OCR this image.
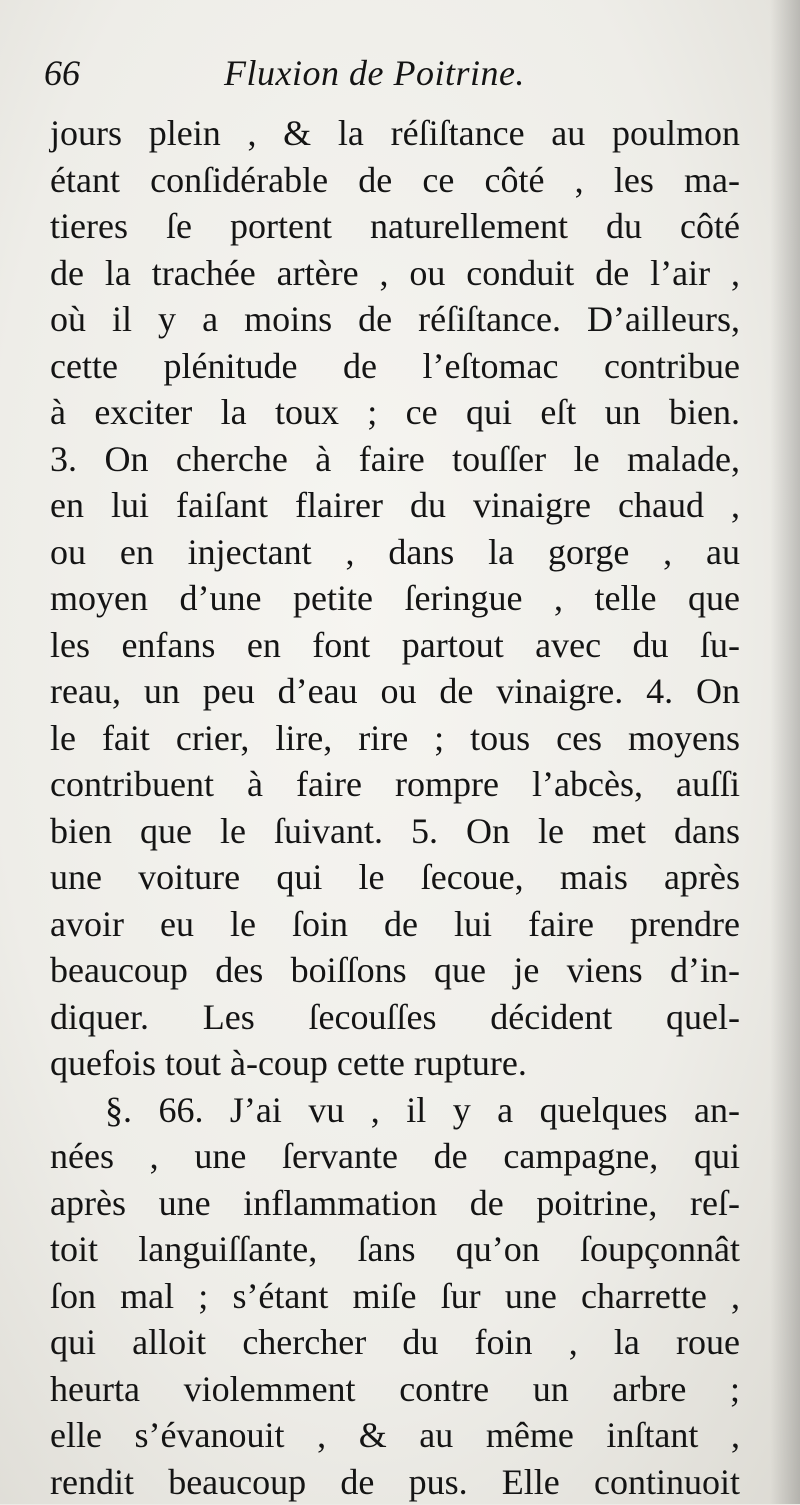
66	Fluxion de Poitrine.
jours plein , & la réſiſtance au poulmon
étant conſidérable de ce côté , les ma-
tieres ſe portent naturellement du côté
de la trachée artère , ou conduit de l’air ,
où il y a moins de réſiſtance. D’ailleurs,
cette plénitude de l’eſtomac contribue
à exciter la toux ; ce qui eſt un bien.
3. On cherche à faire touſſer le malade,
en lui faiſant flairer du vinaigre chaud ,
ou en injectant , dans la gorge , au
moyen d’une petite ſeringue , telle que
les enfans en font partout avec du ſu-
reau, un peu d’eau ou de vinaigre. 4. On
le fait crier, lire, rire ; tous ces moyens
contribuent à faire rompre l’abcès, auſſi
bien que le ſuivant. 5. On le met dans
une voiture qui le ſecoue, mais après
avoir eu le ſoin de lui faire prendre
beaucoup des boiſſons que je viens d’in-
diquer. Les ſecouſſes décident quel-
quefois tout à-coup cette rupture.
§. 66. J’ai vu , il y a quelques an-
nées , une ſervante de campagne, qui
après une inflammation de poitrine, reſ-
toit languiſſante, ſans qu’on ſoupçonnât
ſon mal ; s’étant miſe ſur une charrette ,
qui alloit chercher du foin , la roue
heurta violemment contre un arbre ;
elle s’évanouit , & au même inſtant ,
rendit beaucoup de pus. Elle continuoit
